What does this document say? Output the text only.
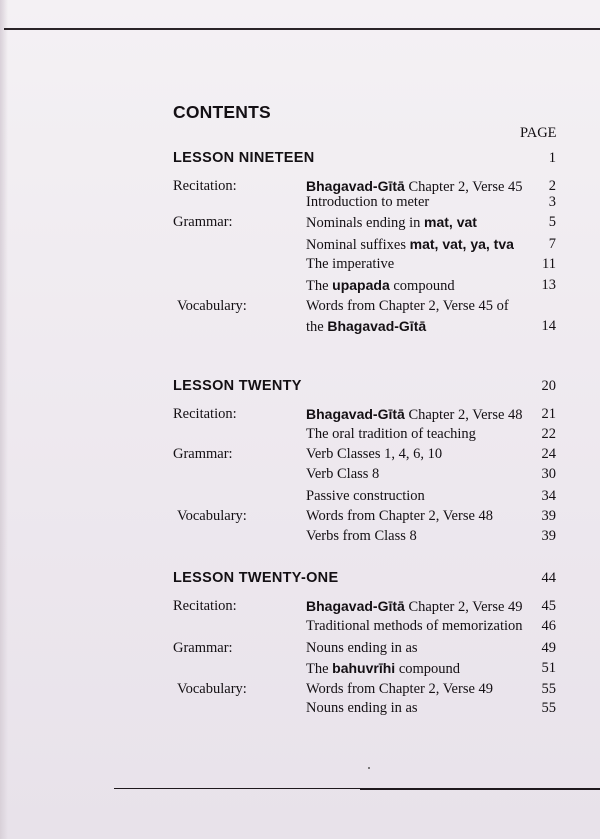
CONTENTS
PAGE
LESSON NINETEEN	1
Recitation:	Bhagavad-Gītā Chapter 2, Verse 45 2
Introduction to meter	3
Grammar:	Nominals ending in mat, vat	5
Nominal suffixes mat, vat, ya, tva 7
The imperative	11
The upapada compound	13
Vocabulary:	Words from Chapter 2, Verse 45 of
the Bhagavad-Gītā	14
LESSON TWENTY	20
Recitation:	Bhagavad-Gītā Chapter 2, Verse 48 21
The oral tradition of teaching	22
Grammar:	Verb Classes 1, 4, 6, 10	24
Verb Class 8	30
Passive construction	34
Vocabulary:	Words from Chapter 2, Verse 48	39
Verbs from Class 8	39
LESSON TWENTY-ONE	44
Recitation:	Bhagavad-Gītā Chapter 2, Verse 49 45
Traditional methods of memorization 46
Grammar:	Nouns ending in as	49
The bahuvrīhi compound	51
Vocabulary:	Words from Chapter 2, Verse 49	55
Nouns ending in as	55
